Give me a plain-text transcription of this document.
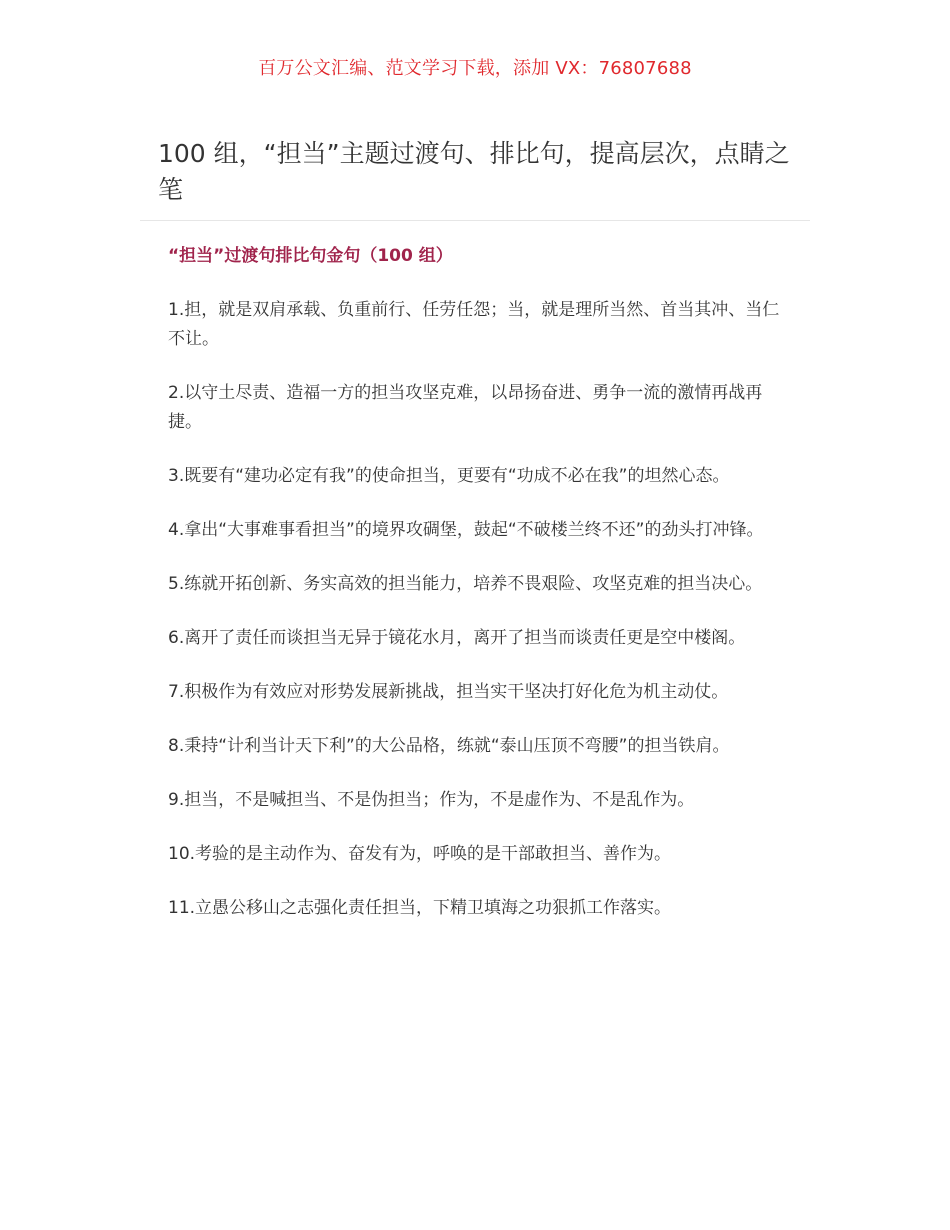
百万公文汇编、范文学习下载，添加 VX：76807688
100 组，“担当”主题过渡句、排比句，提高层次，点睛之笔
“担当”过渡句排比句金句（100 组）
1.担，就是双肩承载、负重前行、任劳任怨；当，就是理所当然、首当其冲、当仁不让。
2.以守土尽责、造福一方的担当攻坚克难，以昂扬奋进、勇争一流的激情再战再捷。
3.既要有“建功必定有我”的使命担当，更要有“功成不必在我”的坦然心态。
4.拿出“大事难事看担当”的境界攻碉堡，鼓起“不破楼兰终不还”的劲头打冲锋。
5.练就开拓创新、务实高效的担当能力，培养不畏艰险、攻坚克难的担当决心。
6.离开了责任而谈担当无异于镜花水月，离开了担当而谈责任更是空中楼阁。
7.积极作为有效应对形势发展新挑战，担当实干坚决打好化危为机主动仗。
8.秉持“计利当计天下利”的大公品格，练就“泰山压顶不弯腰”的担当铁肩。
9.担当，不是喊担当、不是伪担当；作为，不是虚作为、不是乱作为。
10.考验的是主动作为、奋发有为，呼唤的是干部敢担当、善作为。
11.立愚公移山之志强化责任担当，下精卫填海之功狠抓工作落实。
